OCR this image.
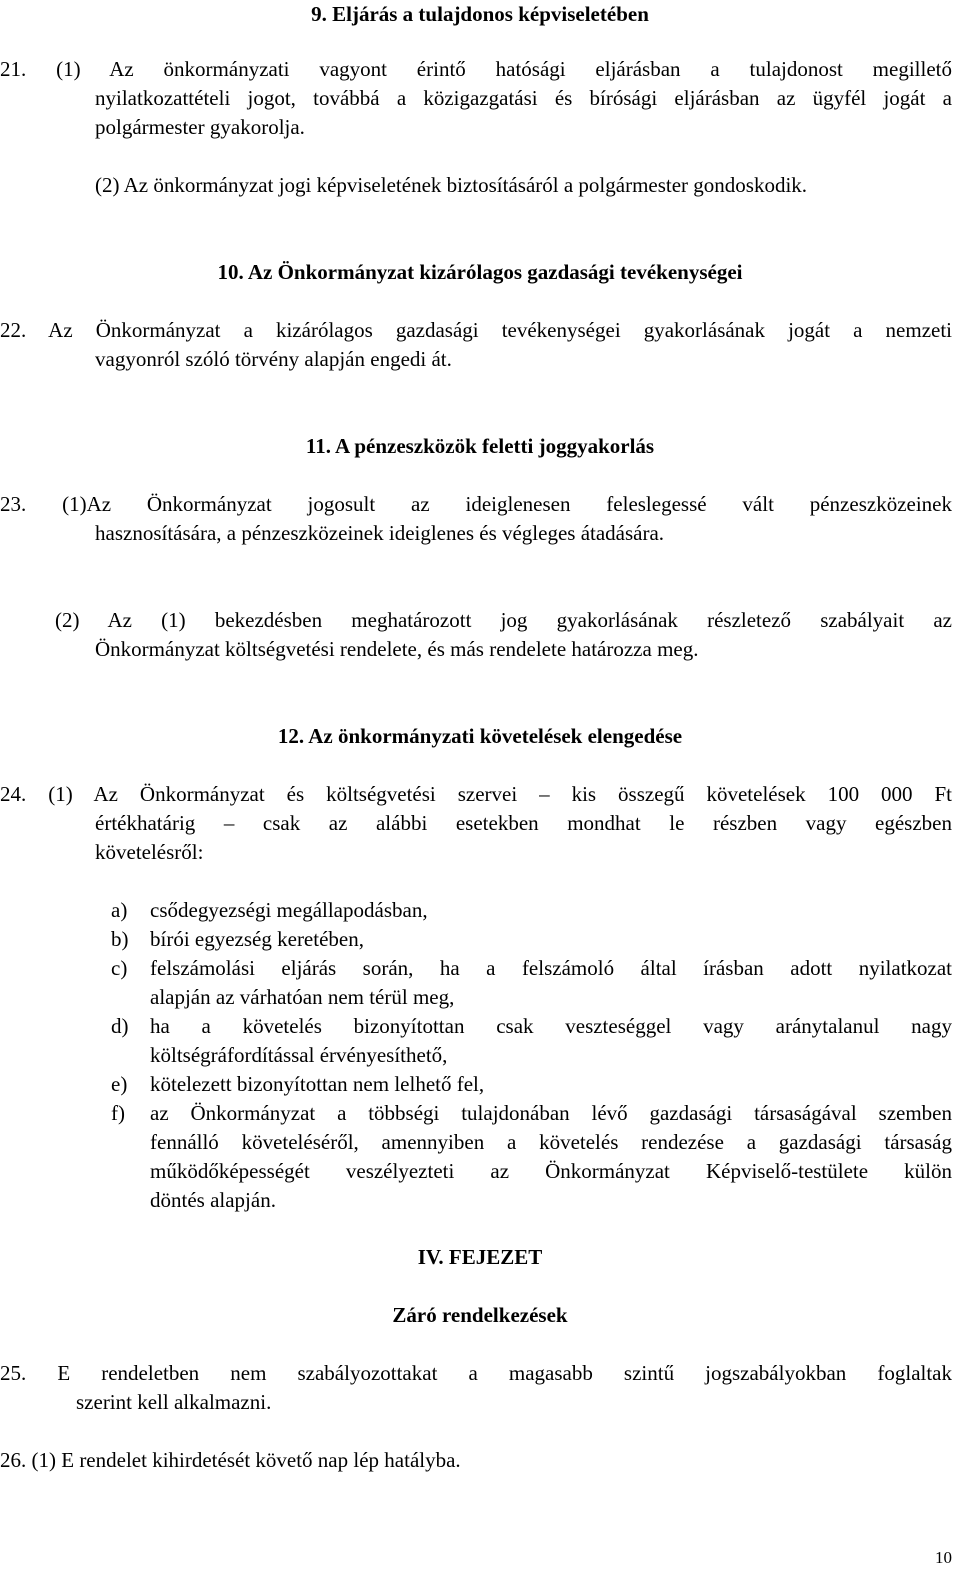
9. Eljárás a tulajdonos képviseletében

21. (1) Az önkormányzati vagyont érintő hatósági eljárásban a tulajdonost megillető

nyilatkozattételi jogot, továbbá a közigazgatási és bírósági eljárásban az ügyfél jogát a

polgármester gyakorolja.

(2) Az önkormányzat jogi képviseletének biztosításáról a polgármester gondoskodik.

10. Az Önkormányzat kizárólagos gazdasági tevékenységei

22. Az Önkormányzat a kizárólagos gazdasági tevékenységei gyakorlásának jogát a nemzeti

vagyonról szóló törvény alapján engedi át.

11. A pénzeszközök feletti joggyakorlás

23. (1)Az Önkormányzat jogosult az ideiglenesen feleslegessé vált pénzeszközeinek

hasznosítására, a pénzeszközeinek ideiglenes és végleges átadására.

(2) Az (1) bekezdésben meghatározott jog gyakorlásának részletező szabályait az

Önkormányzat költségvetési rendelete, és más rendelete határozza meg.

12. Az önkormányzati követelések elengedése

24. (1) Az Önkormányzat és költségvetési szervei – kis összegű követelések 100 000 Ft

értékhatárig – csak az alábbi esetekben mondhat le részben vagy egészben

követelésről:

a) csődegyezségi megállapodásban,
b) bírói egyezség keretében,
c) felszámolási eljárás során, ha a felszámoló által írásban adott nyilatkozat
alapján az várhatóan nem térül meg,
d) ha a követelés bizonyítottan csak veszteséggel vagy aránytalanul nagy
költségráfordítással érvényesíthető,
e) kötelezett bizonyítottan nem lelhető fel,
f) az Önkormányzat a többségi tulajdonában lévő gazdasági társaságával szemben
fennálló követeléséről, amennyiben a követelés rendezése a gazdasági társaság
működőképességét veszélyezteti az Önkormányzat Képviselő-testülete külön
döntés alapján.

IV. FEJEZET

Záró rendelkezések

25. E rendeletben nem szabályozottakat a magasabb szintű jogszabályokban foglaltak

szerint kell alkalmazni.

26. (1) E rendelet kihirdetését követő nap lép hatályba.

10
